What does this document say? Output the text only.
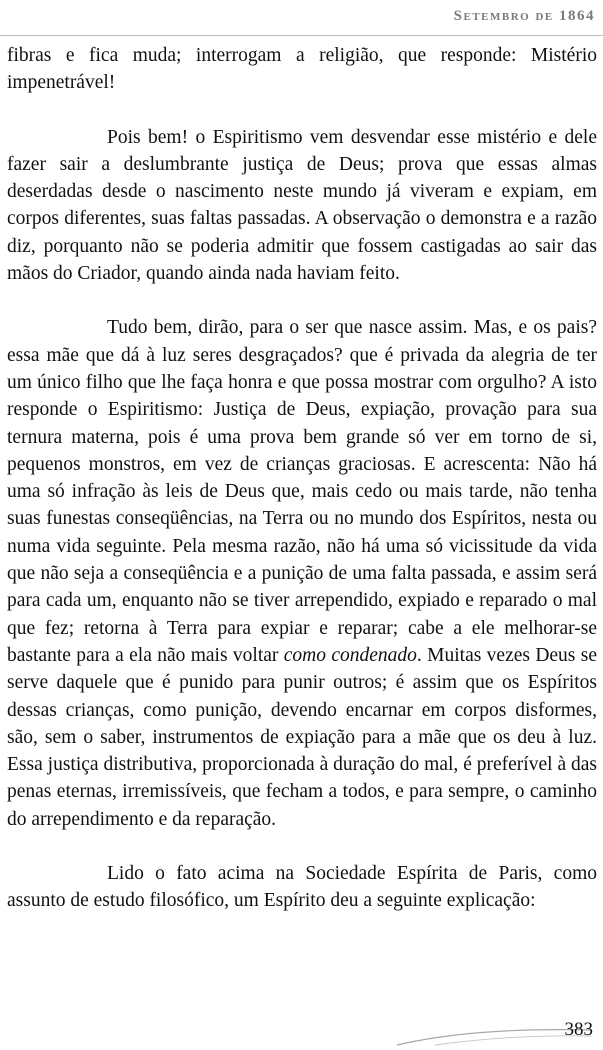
Setembro de 1864

fibras e fica muda; interrogam a religião, que responde: Mistério impenetrável!

Pois bem! o Espiritismo vem desvendar esse mistério e dele fazer sair a deslumbrante justiça de Deus; prova que essas almas deserdadas desde o nascimento neste mundo já viveram e expiam, em corpos diferentes, suas faltas passadas. A observação o demonstra e a razão diz, porquanto não se poderia admitir que fossem castigadas ao sair das mãos do Criador, quando ainda nada haviam feito.

Tudo bem, dirão, para o ser que nasce assim. Mas, e os pais? essa mãe que dá à luz seres desgraçados? que é privada da alegria de ter um único filho que lhe faça honra e que possa mostrar com orgulho? A isto responde o Espiritismo: Justiça de Deus, expiação, provação para sua ternura materna, pois é uma prova bem grande só ver em torno de si, pequenos monstros, em vez de crianças graciosas. E acrescenta: Não há uma só infração às leis de Deus que, mais cedo ou mais tarde, não tenha suas funestas conseqüências, na Terra ou no mundo dos Espíritos, nesta ou numa vida seguinte. Pela mesma razão, não há uma só vicissitude da vida que não seja a conseqüência e a punição de uma falta passada, e assim será para cada um, enquanto não se tiver arrependido, expiado e reparado o mal que fez; retorna à Terra para expiar e reparar; cabe a ele melhorar-se bastante para a ela não mais voltar como condenado. Muitas vezes Deus se serve daquele que é punido para punir outros; é assim que os Espíritos dessas crianças, como punição, devendo encarnar em corpos disformes, são, sem o saber, instrumentos de expiação para a mãe que os deu à luz. Essa justiça distributiva, proporcionada à duração do mal, é preferível à das penas eternas, irremissíveis, que fecham a todos, e para sempre, o caminho do arrependimento e da reparação.

Lido o fato acima na Sociedade Espírita de Paris, como assunto de estudo filosófico, um Espírito deu a seguinte explicação:

383
